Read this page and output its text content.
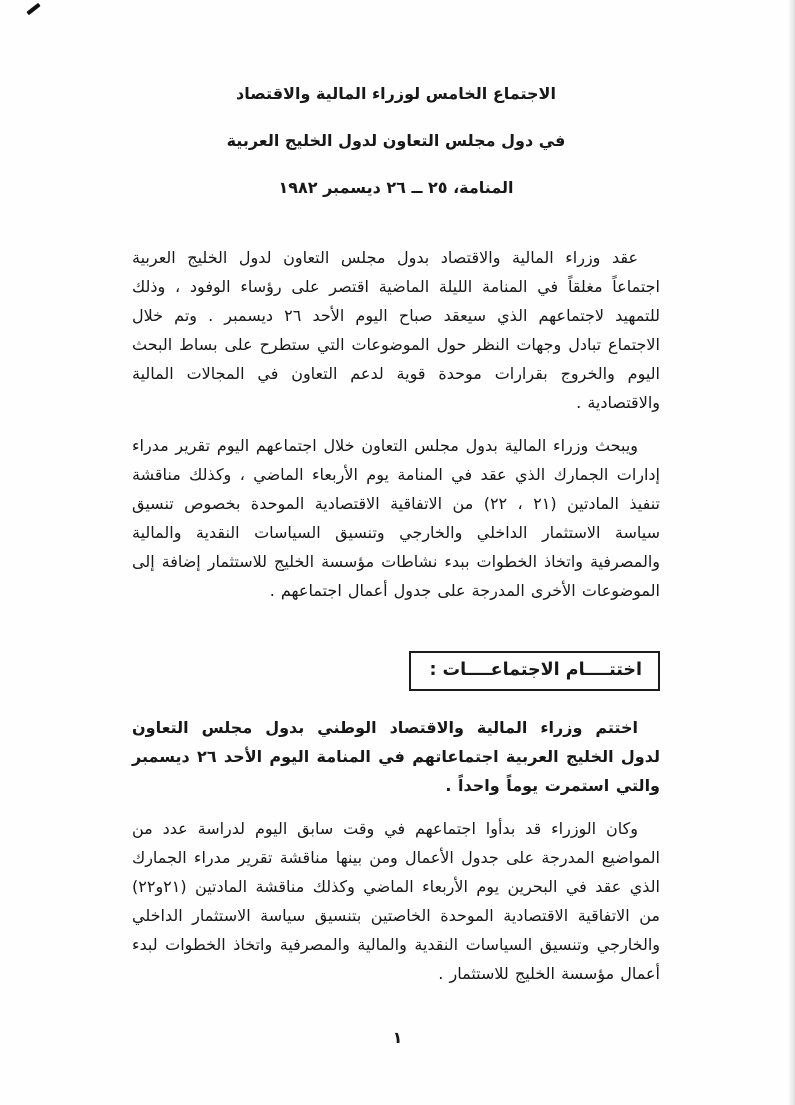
الاجتماع الخامس لوزراء المالية والاقتصاد
في دول مجلس التعاون لدول الخليج العربية
المنامة، ٢٥ ــ ٢٦ ديسمبر ١٩٨٢

عقد وزراء المالية والاقتصاد بدول مجلس التعاون لدول الخليج العربية اجتماعاً مغلقاً في المنامة الليلة الماضية اقتصر على رؤساء الوفود ، وذلك للتمهيد لاجتماعهم الذي سيعقد صباح اليوم الأحد ٢٦ ديسمبر . وتم خلال الاجتماع تبادل وجهات النظر حول الموضوعات التي ستطرح على بساط البحث اليوم والخروج بقرارات موحدة قوية لدعم التعاون في المجالات المالية والاقتصادية .

ويبحث وزراء المالية بدول مجلس التعاون خلال اجتماعهم اليوم تقرير مدراء إدارات الجمارك الذي عقد في المنامة يوم الأربعاء الماضي ، وكذلك مناقشة تنفيذ المادتين (٢١ ، ٢٢) من الاتفاقية الاقتصادية الموحدة بخصوص تنسيق سياسة الاستثمار الداخلي والخارجي وتنسيق السياسات النقدية والمالية والمصرفية واتخاذ الخطوات ببدء نشاطات مؤسسة الخليج للاستثمار إضافة إلى الموضوعات الأخرى المدرجة على جدول أعمال اجتماعهم .

اختتــــام الاجتماعــــات :

اختتم وزراء المالية والاقتصاد الوطني بدول مجلس التعاون لدول الخليج العربية اجتماعاتهم في المنامة اليوم الأحد ٢٦ ديسمبر والتي استمرت يوماً واحداً .

وكان الوزراء قد بدأوا اجتماعهم في وقت سابق اليوم لدراسة عدد من المواضيع المدرجة على جدول الأعمال ومن بينها مناقشة تقرير مدراء الجمارك الذي عقد في البحرين يوم الأربعاء الماضي وكذلك مناقشة المادتين (٢١و٢٢) من الاتفاقية الاقتصادية الموحدة الخاصتين بتنسيق سياسة الاستثمار الداخلي والخارجي وتنسيق السياسات النقدية والمالية والمصرفية واتخاذ الخطوات لبدء أعمال مؤسسة الخليج للاستثمار .

١
